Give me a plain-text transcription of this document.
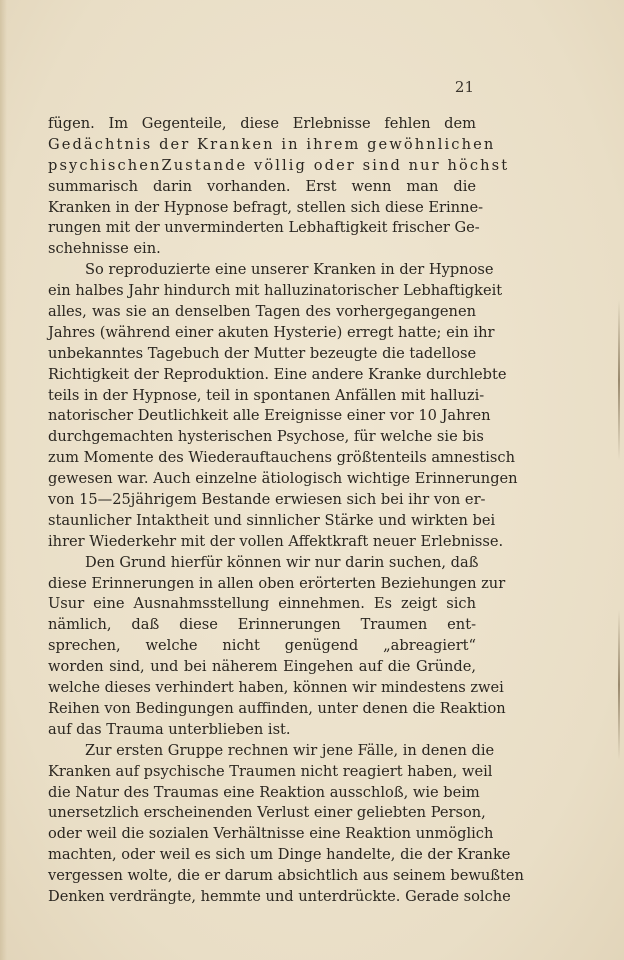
21
fügen. Im Gegenteile, diese Erlebnisse fehlen dem
Gedächtnis der Kranken in ihrem gewöhnlichen
psychischenZustande völlig oder sind nur höchst
summarisch darin vorhanden. Erst wenn man die
Kranken in der Hypnose befragt, stellen sich diese Erinne-
rungen mit der unverminderten Lebhaftigkeit frischer Ge-
schehnisse ein.
So reproduzierte eine unserer Kranken in der Hypnose
ein halbes Jahr hindurch mit halluzinatorischer Lebhaftigkeit
alles, was sie an denselben Tagen des vorhergegangenen
Jahres (während einer akuten Hysterie) erregt hatte; ein ihr
unbekanntes Tagebuch der Mutter bezeugte die tadellose
Richtigkeit der Reproduktion. Eine andere Kranke durchlebte
teils in der Hypnose, teil in spontanen Anfällen mit halluzi-
natorischer Deutlichkeit alle Ereignisse einer vor 10 Jahren
durchgemachten hysterischen Psychose, für welche sie bis
zum Momente des Wiederauftauchens größtenteils amnestisch
gewesen war. Auch einzelne ätiologisch wichtige Erinnerungen
von 15—25jährigem Bestande erwiesen sich bei ihr von er-
staunlicher Intaktheit und sinnlicher Stärke und wirkten bei
ihrer Wiederkehr mit der vollen Affektkraft neuer Erlebnisse.
Den Grund hierfür können wir nur darin suchen, daß
diese Erinnerungen in allen oben erörterten Beziehungen zur
Usur eine Ausnahmsstellung einnehmen. Es zeigt sich
nämlich, daß diese Erinnerungen Traumen ent-
sprechen, welche nicht genügend „abreagiert“
worden sind, und bei näherem Eingehen auf die Gründe,
welche dieses verhindert haben, können wir mindestens zwei
Reihen von Bedingungen auffinden, unter denen die Reaktion
auf das Trauma unterblieben ist.
Zur ersten Gruppe rechnen wir jene Fälle, in denen die
Kranken auf psychische Traumen nicht reagiert haben, weil
die Natur des Traumas eine Reaktion ausschloß, wie beim
unersetzlich erscheinenden Verlust einer geliebten Person,
oder weil die sozialen Verhältnisse eine Reaktion unmöglich
machten, oder weil es sich um Dinge handelte, die der Kranke
vergessen wolte, die er darum absichtlich aus seinem bewußten
Denken verdrängte, hemmte und unterdrückte. Gerade solche
